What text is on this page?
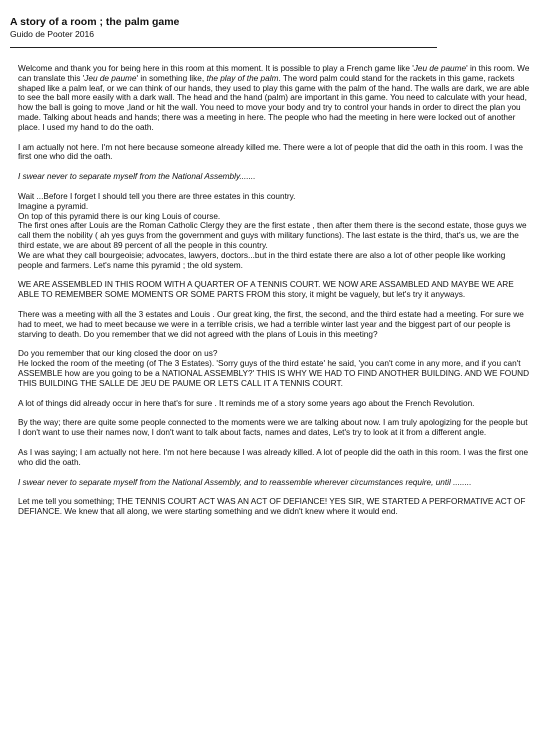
A story of a room ; the palm game
Guido de Pooter 2016

Welcome and thank you for being here in this room at this moment. It is possible to play a French game like 'Jeu de paume' in this room. We can translate this 'Jeu de paume' in something like, the play of the palm. The word palm could stand for the rackets in this game, rackets shaped like a palm leaf, or we can think of our hands, they used to play this game with the palm of the hand. The walls are dark, we are able to see the ball more easily with a dark wall. The head and the hand (palm) are important in this game. You need to calculate with your head, how the ball is going to move ,land or hit the wall. You need to move your body and try to control your hands in order to direct the plan you made. Talking about heads and hands; there was a meeting in here. The people who had the meeting in here were locked out of another place. I used my hand to do the oath.

I am actually not here. I'm not here because someone already killed me. There were a lot of people that did the oath in this room. I was the first one who did the oath.

I swear never to separate myself from the National Assembly.......

Wait ...Before I forget I should tell you there are three estates in this country.
Imagine a pyramid.
On top of this pyramid there is our king Louis of course.
The first ones after Louis are the Roman Catholic Clergy they are the first estate , then after them there is the second estate, those guys we call them the nobility ( ah yes guys from the government and guys with military functions). The last estate is the third, that's us, we are the third estate, we are about 89 percent of all the people in this country.
We are what they call bourgeoisie; advocates, lawyers, doctors...but in the third estate there are also a lot of other people like working people and farmers. Let's name this pyramid ; the old system.

WE ARE ASSEMBLED IN THIS ROOM WITH A QUARTER OF A TENNIS COURT. WE NOW ARE ASSAMBLED AND MAYBE WE ARE ABLE TO REMEMBER SOME MOMENTS OR SOME PARTS FROM this story, it might be vaguely, but let's try it anyways.

There was a meeting with all the 3 estates and Louis . Our great king, the first, the second, and the third estate had a meeting. For sure we had to meet, we had to meet because we were in a terrible crisis, we had a terrible winter last year and the biggest part of our people is starving to death. Do you remember that we did not agreed with the plans of Louis in this meeting?

Do you remember that our king closed the door on us?
He locked the room of the meeting (of The 3 Estates). 'Sorry guys of the third estate' he said, 'you can't come in any more, and if you can't ASSEMBLE how are you going to be a NATIONAL ASSEMBLY?' THIS IS WHY WE HAD TO FIND ANOTHER BUILDING. AND WE FOUND THIS BUILDING THE SALLE DE JEU DE PAUME OR LETS CALL IT A TENNIS COURT.

A lot of things did already occur in here that's for sure . It reminds me of a story some years ago about the French Revolution.

By the way; there are quite some people connected to the moments were we are talking about now. I am truly apologizing for the people but I don't want to use their names now, I don't want to talk about facts, names and dates, Let's try to look at it from a different angle.

As I was saying; I am actually not here. I'm not here because I was already killed. A lot of people did the oath in this room. I was the first one who did the oath.

I swear never to separate myself from the National Assembly, and to reassemble wherever circumstances require, until ........

Let me tell you something; THE TENNIS COURT ACT WAS AN ACT OF DEFIANCE! YES SIR, WE STARTED A PERFORMATIVE ACT OF DEFIANCE. We knew that all along, we were starting something and we didn't knew where it would end.
